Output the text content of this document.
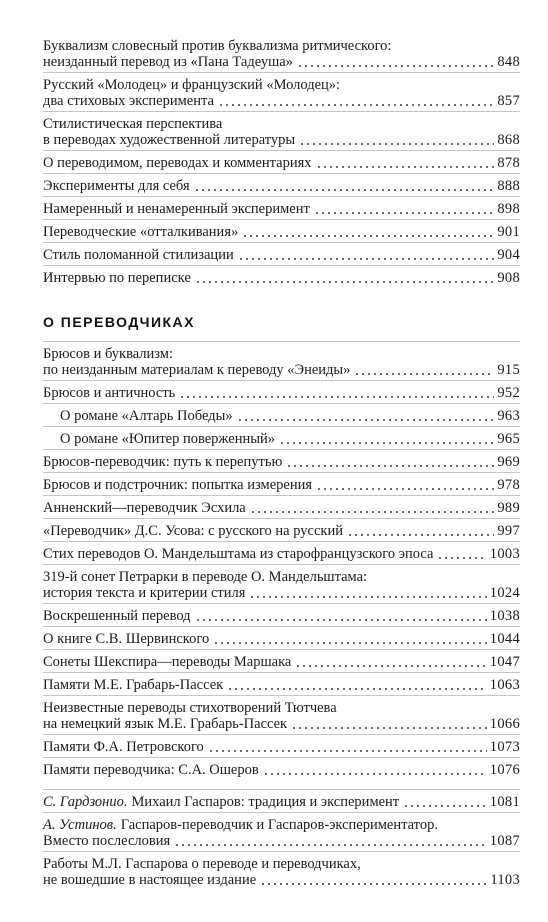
Буквализм словесный против буквализма ритмического:
неизданный перевод из «Пана Тадеуша»	848
Русский «Молодец» и французский «Молодец»:
два стиховых эксперимента	857
Стилистическая перспектива
в переводах художественной литературы	868
О переводимом, переводах и комментариях	878
Эксперименты для себя	888
Намеренный и ненамеренный эксперимент	898
Переводческие «отталкивания»	901
Стиль поломанной стилизации	904
Интервью по переписке	908
О ПЕРЕВОДЧИКАХ
Брюсов и буквализм:
по неизданным материалам к переводу «Энеиды»	915
Брюсов и античность	952
О романе «Алтарь Победы»	963
О романе «Юпитер поверженный»	965
Брюсов-переводчик: путь к перепутью	969
Брюсов и подстрочник: попытка измерения	978
Анненский—переводчик Эсхила	989
«Переводчик» Д.С. Усова: с русского на русский	997
Стих переводов О. Мандельштама из старофранцузского эпоса	1003
319-й сонет Петрарки в переводе О. Мандельштама:
история текста и критерии стиля	1024
Воскрешенный перевод	1038
О книге С.В. Шервинского	1044
Сонеты Шекспира—переводы Маршака	1047
Памяти М.Е. Грабарь-Пассек	1063
Неизвестные переводы стихотворений Тютчева
на немецкий язык М.Е. Грабарь-Пассек	1066
Памяти Ф.А. Петровского	1073
Памяти переводчика: С.А. Ошеров	1076
С. Гардзонио. Михаил Гаспаров: традиция и эксперимент	1081
А. Устинов. Гаспаров-переводчик и Гаспаров-экспериментатор.
Вместо послесловия	1087
Работы М.Л. Гаспарова о переводе и переводчиках,
не вошедшие в настоящее издание	1103
